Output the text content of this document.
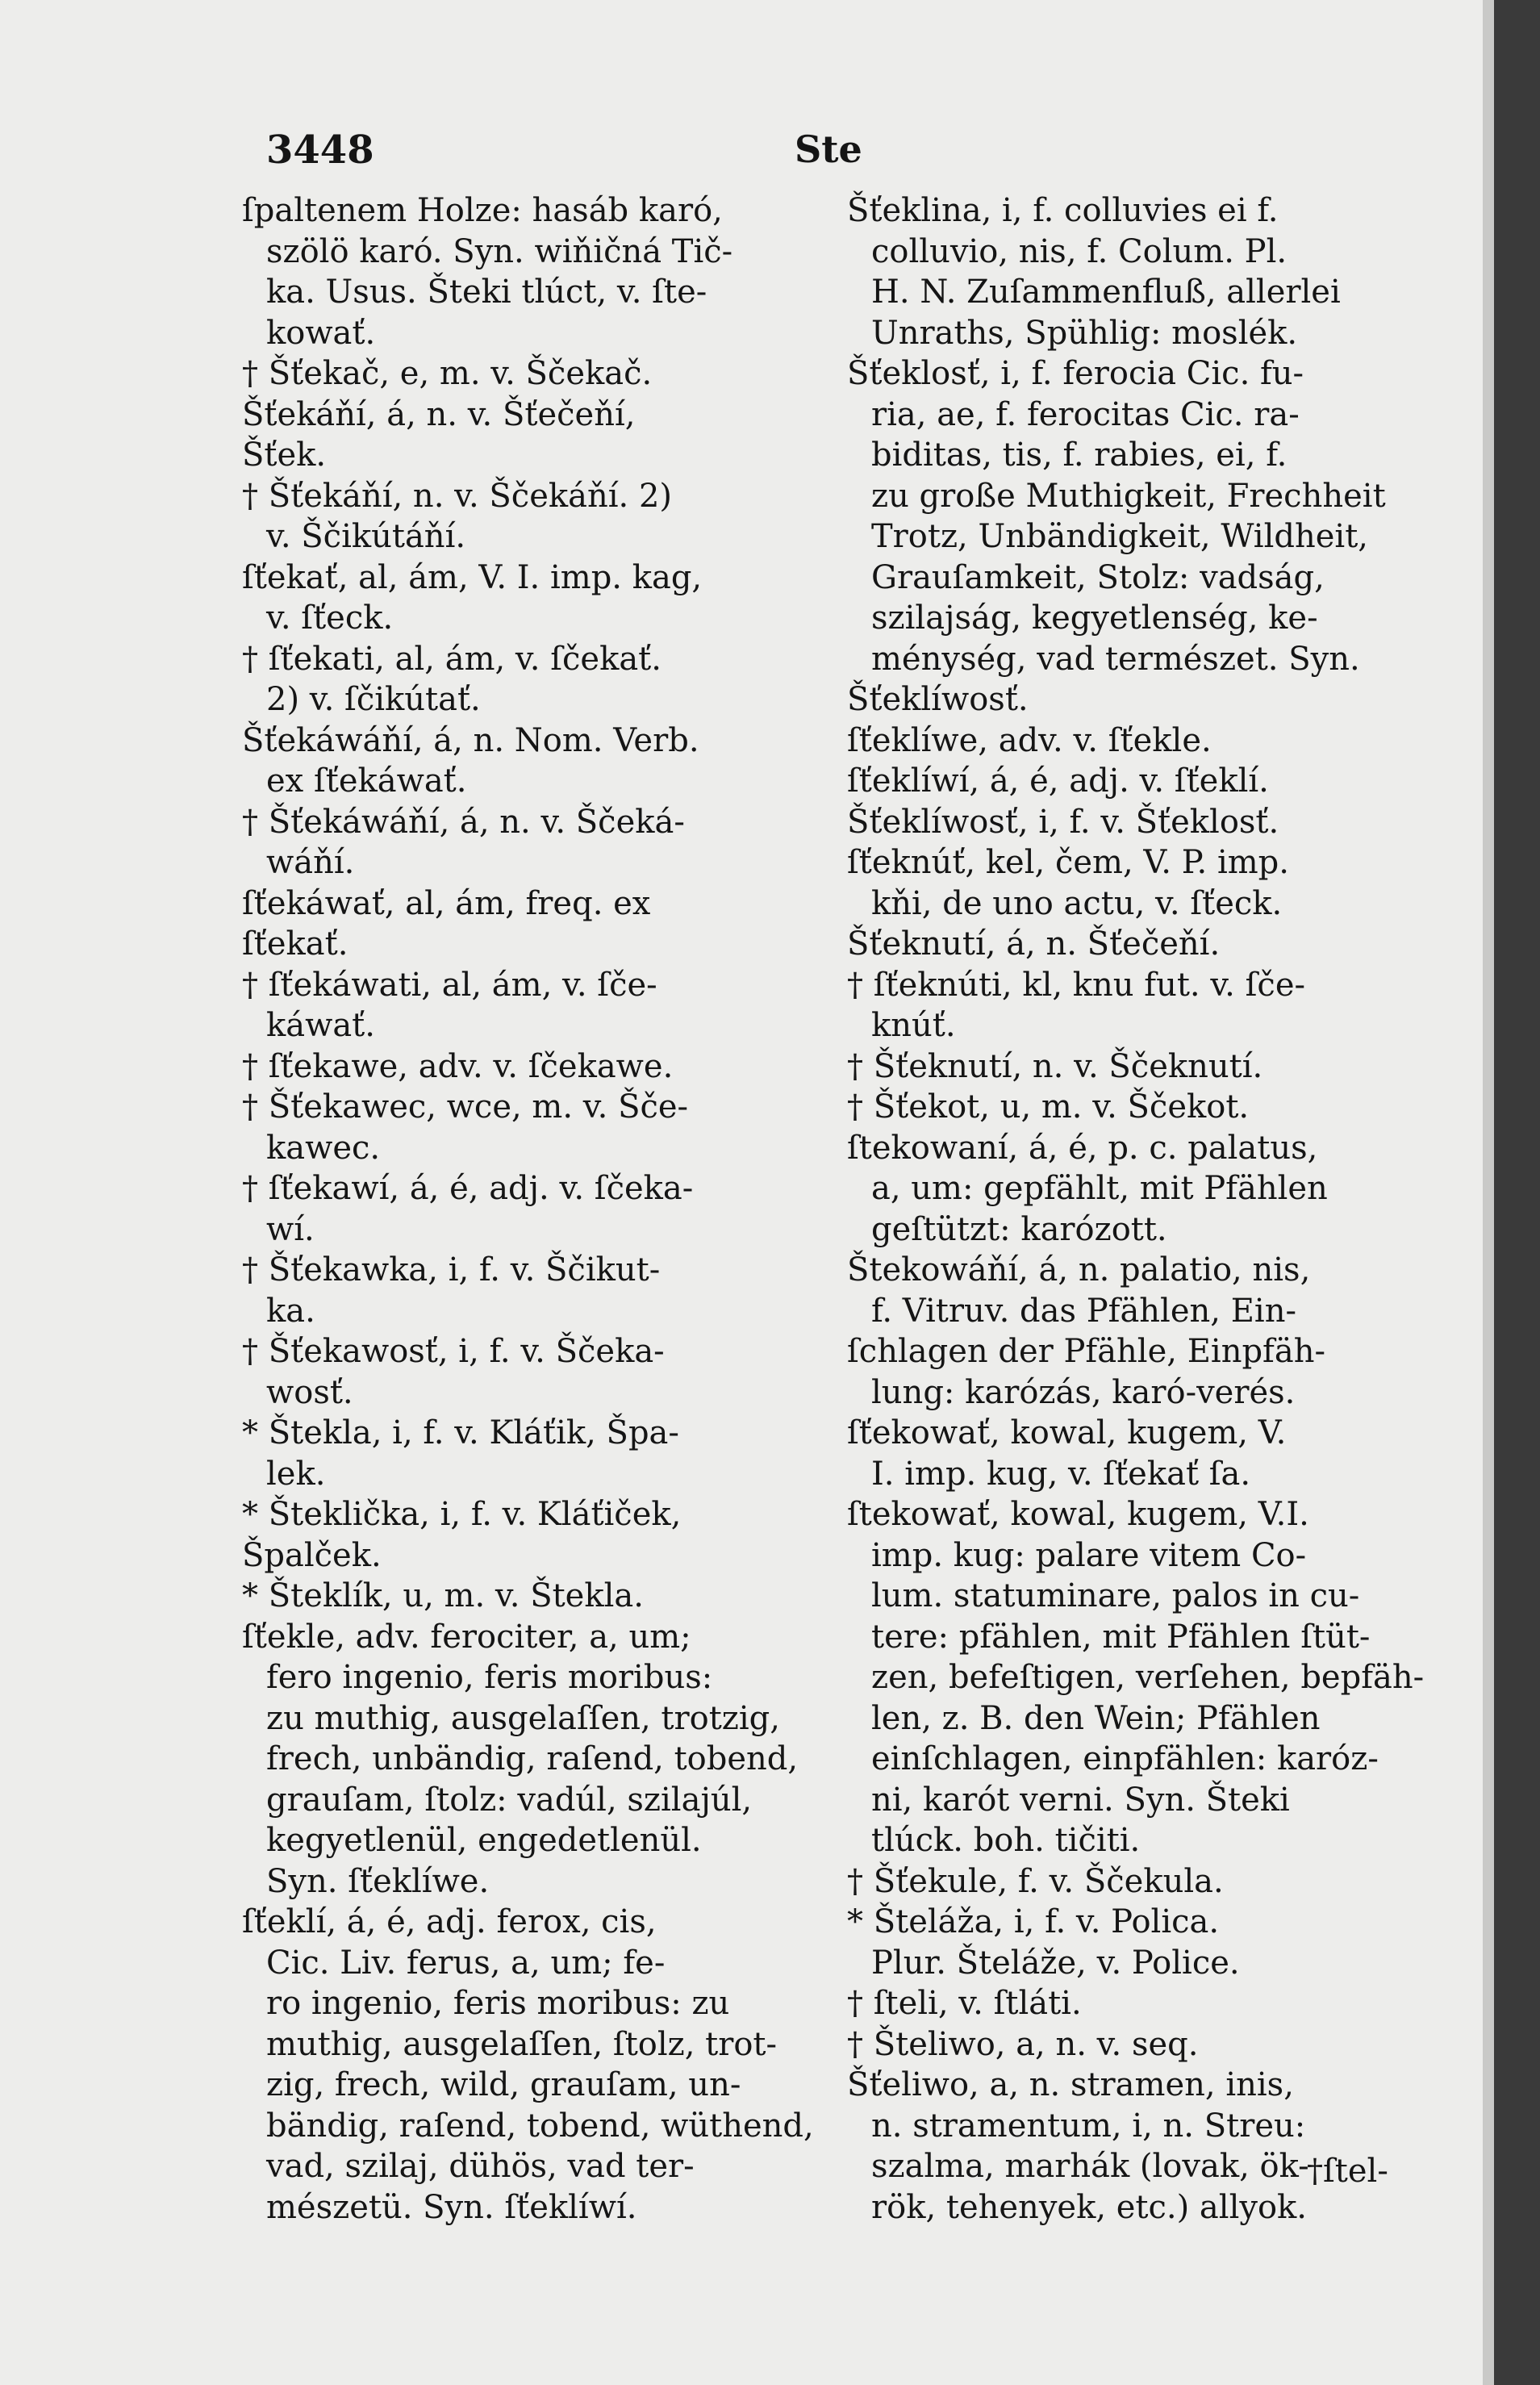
3448	Ste
ſpaltenem Holze: hasáb karó,
szölö karó. Syn. wiňičná Tič-
ka. Usus. Šteki tlúct, v. ſte-
kowať.
† Šťekač, e, m. v. Ščekač.
Šťekáňí, á, n. v. Šťečeňí,
Šťek.
† Šťekáňí, n. v. Ščekáňí. 2)
v. Ščikútáňí.
ſťekať, al, ám, V. I. imp. kag,
v. ſťeck.
† ſťekati, al, ám, v. ſčekať.
2) v. ſčikútať.
Šťekáwáňí, á, n. Nom. Verb.
ex ſťekáwať.
† Šťekáwáňí, á, n. v. Ščeká-
wáňí.
ſťekáwať, al, ám, freq. ex
ſťekať.
† ſťekáwati, al, ám, v. ſče-
káwať.
† ſťekawe, adv. v. ſčekawe.
† Šťekawec, wce, m. v. Šče-
kawec.
† ſťekawí, á, é, adj. v. ſčeka-
wí.
† Šťekawka, i, f. v. Ščikut-
ka.
† Šťekawosť, i, f. v. Ščeka-
wosť.
* Štekla, i, f. v. Kláťik, Špa-
lek.
* Šteklička, i, f. v. Kláťiček,
Špalček.
* Šteklík, u, m. v. Štekla.
ſťekle, adv. ferociter, a, um;
fero ingenio, feris moribus:
zu muthig, ausgelaſſen, trotzig,
frech, unbändig, raſend, tobend,
grauſam, ſtolz: vadúl, szilajúl,
kegyetlenül, engedetlenül.
Syn. ſťeklíwe.
ſťeklí, á, é, adj. ferox, cis,
Cic. Liv. ferus, a, um; fe-
ro ingenio, feris moribus: zu
muthig, ausgelaſſen, ſtolz, trot-
zig, frech, wild, grauſam, un-
bändig, raſend, tobend, wüthend,
vad, szilaj, dühös, vad ter-
mészetü. Syn. ſťeklíwí.
Šťeklina, i, f. colluvies ei f.
colluvio, nis, f. Colum. Pl.
H. N. Zuſammenfluß, allerlei
Unraths, Spühlig: moslék.
Šťeklosť, i, f. ferocia Cic. fu-
ria, ae, f. ferocitas Cic. ra-
biditas, tis, f. rabies, ei, f.
zu große Muthigkeit, Frechheit
Trotz, Unbändigkeit, Wildheit,
Grauſamkeit, Stolz: vadság,
szilajság, kegyetlenség, ke-
ménység, vad természet. Syn.
Šťeklíwosť.
ſťeklíwe, adv. v. ſťekle.
ſťeklíwí, á, é, adj. v. ſťeklí.
Šťeklíwosť, i, f. v. Šťeklosť.
ſťeknúť, kel, čem, V. P. imp.
kňi, de uno actu, v. ſťeck.
Šťeknutí, á, n. Šťečeňí.
† ſťeknúti, kl, knu fut. v. ſče-
knúť.
† Šťeknutí, n. v. Ščeknutí.
† Šťekot, u, m. v. Ščekot.
ſtekowaní, á, é, p. c. palatus,
a, um: gepfählt, mit Pfählen
geſtützt: karózott.
Štekowáňí, á, n. palatio, nis,
f. Vitruv. das Pfählen, Ein-
ſchlagen der Pfähle, Einpfäh-
lung: karózás, karó-verés.
ſťekowať, kowal, kugem, V.
I. imp. kug, v. ſťekať ſa.
ſtekowať, kowal, kugem, V.I.
imp. kug: palare vitem Co-
lum. statuminare, palos in cu-
tere: pfählen, mit Pfählen ſtüt-
zen, befeſtigen, verſehen, bepfäh-
len, z. B. den Wein; Pfählen
einſchlagen, einpfählen: karóz-
ni, karót verni. Syn. Šteki
tlúck. boh. tičiti.
† Šťekule, f. v. Ščekula.
* Šteláža, i, f. v. Polica.
Plur. Šteláže, v. Police.
† ſteli, v. ſtláti.
† Šteliwo, a, n. v. seq.
Šťeliwo, a, n. stramen, inis,
n. stramentum, i, n. Streu:
szalma, marhák (lovak, ök-
rök, tehenyek, etc.) allyok.
†ſtel-
